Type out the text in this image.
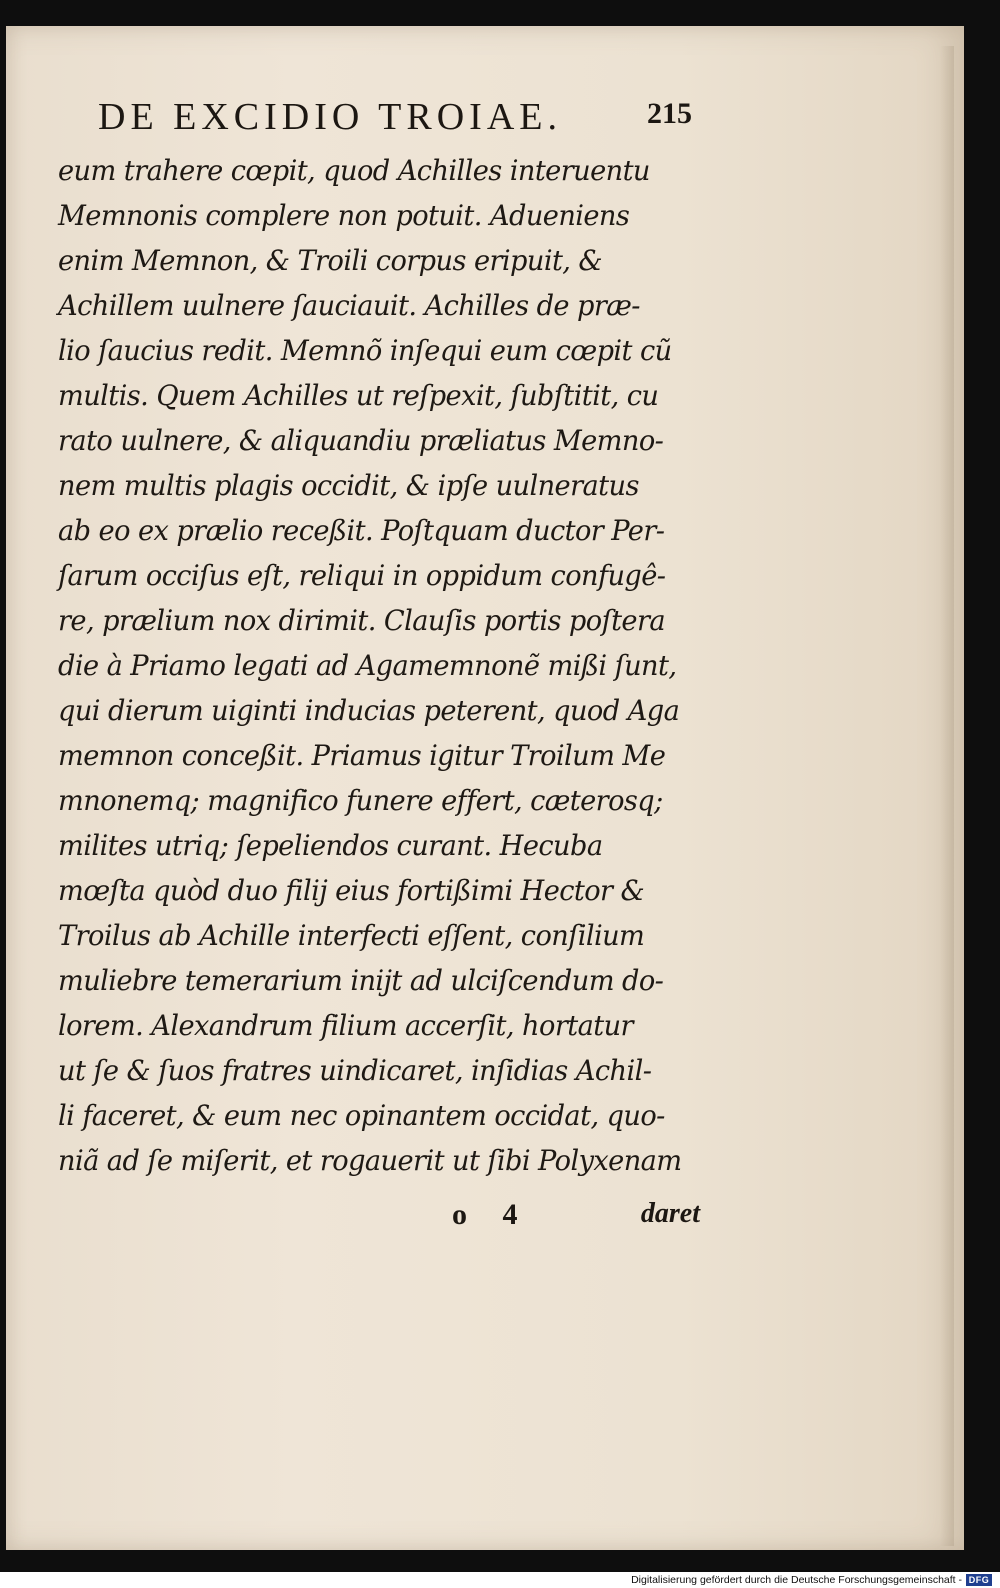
DE EXCIDIO TROIAE.	215
eum trahere cœpit, quod Achilles interuentu
Memnonis complere non potuit. Adueniens
enim Memnon, & Troili corpus eripuit, &
Achillem uulnere ſauciauit. Achilles de præ-
lio ſaucius redit. Memnõ inſequi eum cœpit cũ
multis. Quem Achilles ut reſpexit, ſubſtitit, cu
rato uulnere, & aliquandiu præliatus Memno-
nem multis plagis occidit, & ipſe uulneratus
ab eo ex prælio receßit. Poſtquam ductor Per-
ſarum occiſus eſt, reliqui in oppidum confugê-
re, prælium nox dirimit. Clauſis portis poſtera
die à Priamo legati ad Agamemnonẽ mißi ſunt,
qui dierum uiginti inducias peterent, quod Aga
memnon conceßit. Priamus igitur Troilum Me
mnonemq; magnifico funere effert, cæterosq;
milites utriq; ſepeliendos curant. Hecuba
mœſta quòd duo filij eius fortißimi Hector &
Troilus ab Achille interfecti eſſent, conſilium
muliebre temerarium inijt ad ulciſcendum do-
lorem. Alexandrum filium accerſit, hortatur
ut ſe & ſuos fratres uindicaret, inſidias Achil-
li faceret, & eum nec opinantem occidat, quo-
niã ad ſe miſerit, et rogauerit ut ſibi Polyxenam
o 4	daret
Digitalisierung gefördert durch die Deutsche Forschungsgemeinschaft - DFG
